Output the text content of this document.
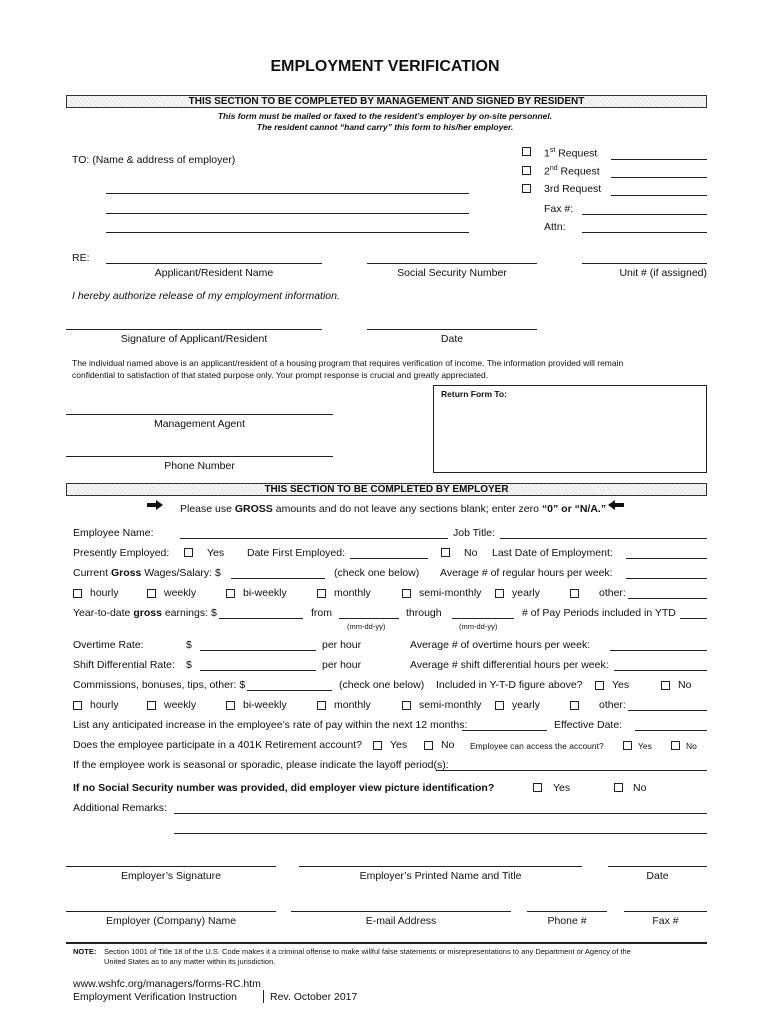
EMPLOYMENT VERIFICATION
THIS SECTION TO BE COMPLETED BY MANAGEMENT AND SIGNED BY RESIDENT
This form must be mailed or faxed to the resident’s employer by on-site personnel.
The resident cannot “hand carry” this form to his/her employer.
TO: (Name & address of employer)
1st Request
2nd Request
3rd Request
Fax #:
Attn:
RE:
Applicant/Resident Name	Social Security Number	Unit # (if assigned)
I hereby authorize release of my employment information.
Signature of Applicant/Resident	Date
The individual named above is an applicant/resident of a housing program that requires verification of income. The information provided will remain
confidential to satisfaction of that stated purpose only. Your prompt response is crucial and greatly appreciated.
Return Form To:
Management Agent
Phone Number
THIS SECTION TO BE COMPLETED BY EMPLOYER
Please use GROSS amounts and do not leave any sections blank; enter zero “0” or “N/A.”
Employee Name:	Job Title:
Presently Employed:	Yes Date First Employed:	No Last Date of Employment:
Current Gross Wages/Salary: $	(check one below) Average # of regular hours per week:
hourly	weekly	bi-weekly	monthly	semi-monthly	yearly	other:
Year-to-date gross earnings: $	from	through	# of Pay Periods included in YTD
(mm-dd-yy)	(mm-dd-yy)
Overtime Rate:	$	per hour	Average # of overtime hours per week:
Shift Differential Rate: $	per hour	Average # shift differential hours per week:
Commissions, bonuses, tips, other: $	(check one below) Included in Y-T-D figure above?	Yes	No
hourly	weekly	bi-weekly	monthly	semi-monthly	yearly	other:
List any anticipated increase in the employee’s rate of pay within the next 12 months:	Effective Date:
Does the employee participate in a 401K Retirement account?	Yes	No Employee can access the account?	Yes	No
If the employee work is seasonal or sporadic, please indicate the layoff period(s):
If no Social Security number was provided, did employer view picture identification?	Yes	No
Additional Remarks:
Employer’s Signature	Employer’s Printed Name and Title	Date
Employer (Company) Name	E-mail Address	Phone #	Fax #
NOTE: Section 1001 of Title 18 of the U.S. Code makes it a criminal offense to make willful false statements or misrepresentations to any Department or Agency of the
United States as to any matter within its jurisdiction.
www.wshfc.org/managers/forms-RC.htm
Employment Verification Instruction	Rev. October 2017
